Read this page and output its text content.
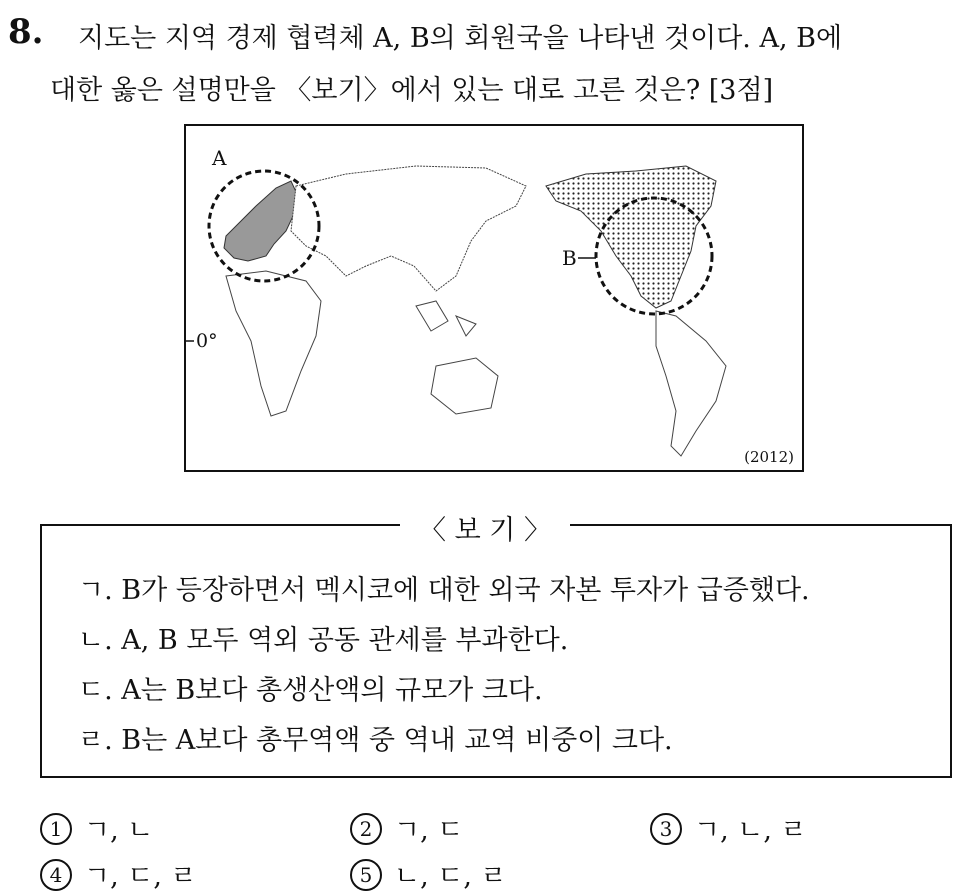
8. 지도는 지역 경제 협력체 A, B의 회원국을 나타낸 것이다. A, B에
대한 옳은 설명만을 〈보기〉에서 있는 대로 고른 것은? [3점]
A
B
0°
(2012)
〈 보 기 〉
ㄱ. B가 등장하면서 멕시코에 대한 외국 자본 투자가 급증했다.
ㄴ. A, B 모두 역외 공동 관세를 부과한다.
ㄷ. A는 B보다 총생산액의 규모가 크다.
ㄹ. B는 A보다 총무역액 중 역내 교역 비중이 크다.
1 ㄱ, ㄴ	2 ㄱ, ㄷ	3 ㄱ, ㄴ, ㄹ
4 ㄱ, ㄷ, ㄹ	5 ㄴ, ㄷ, ㄹ
